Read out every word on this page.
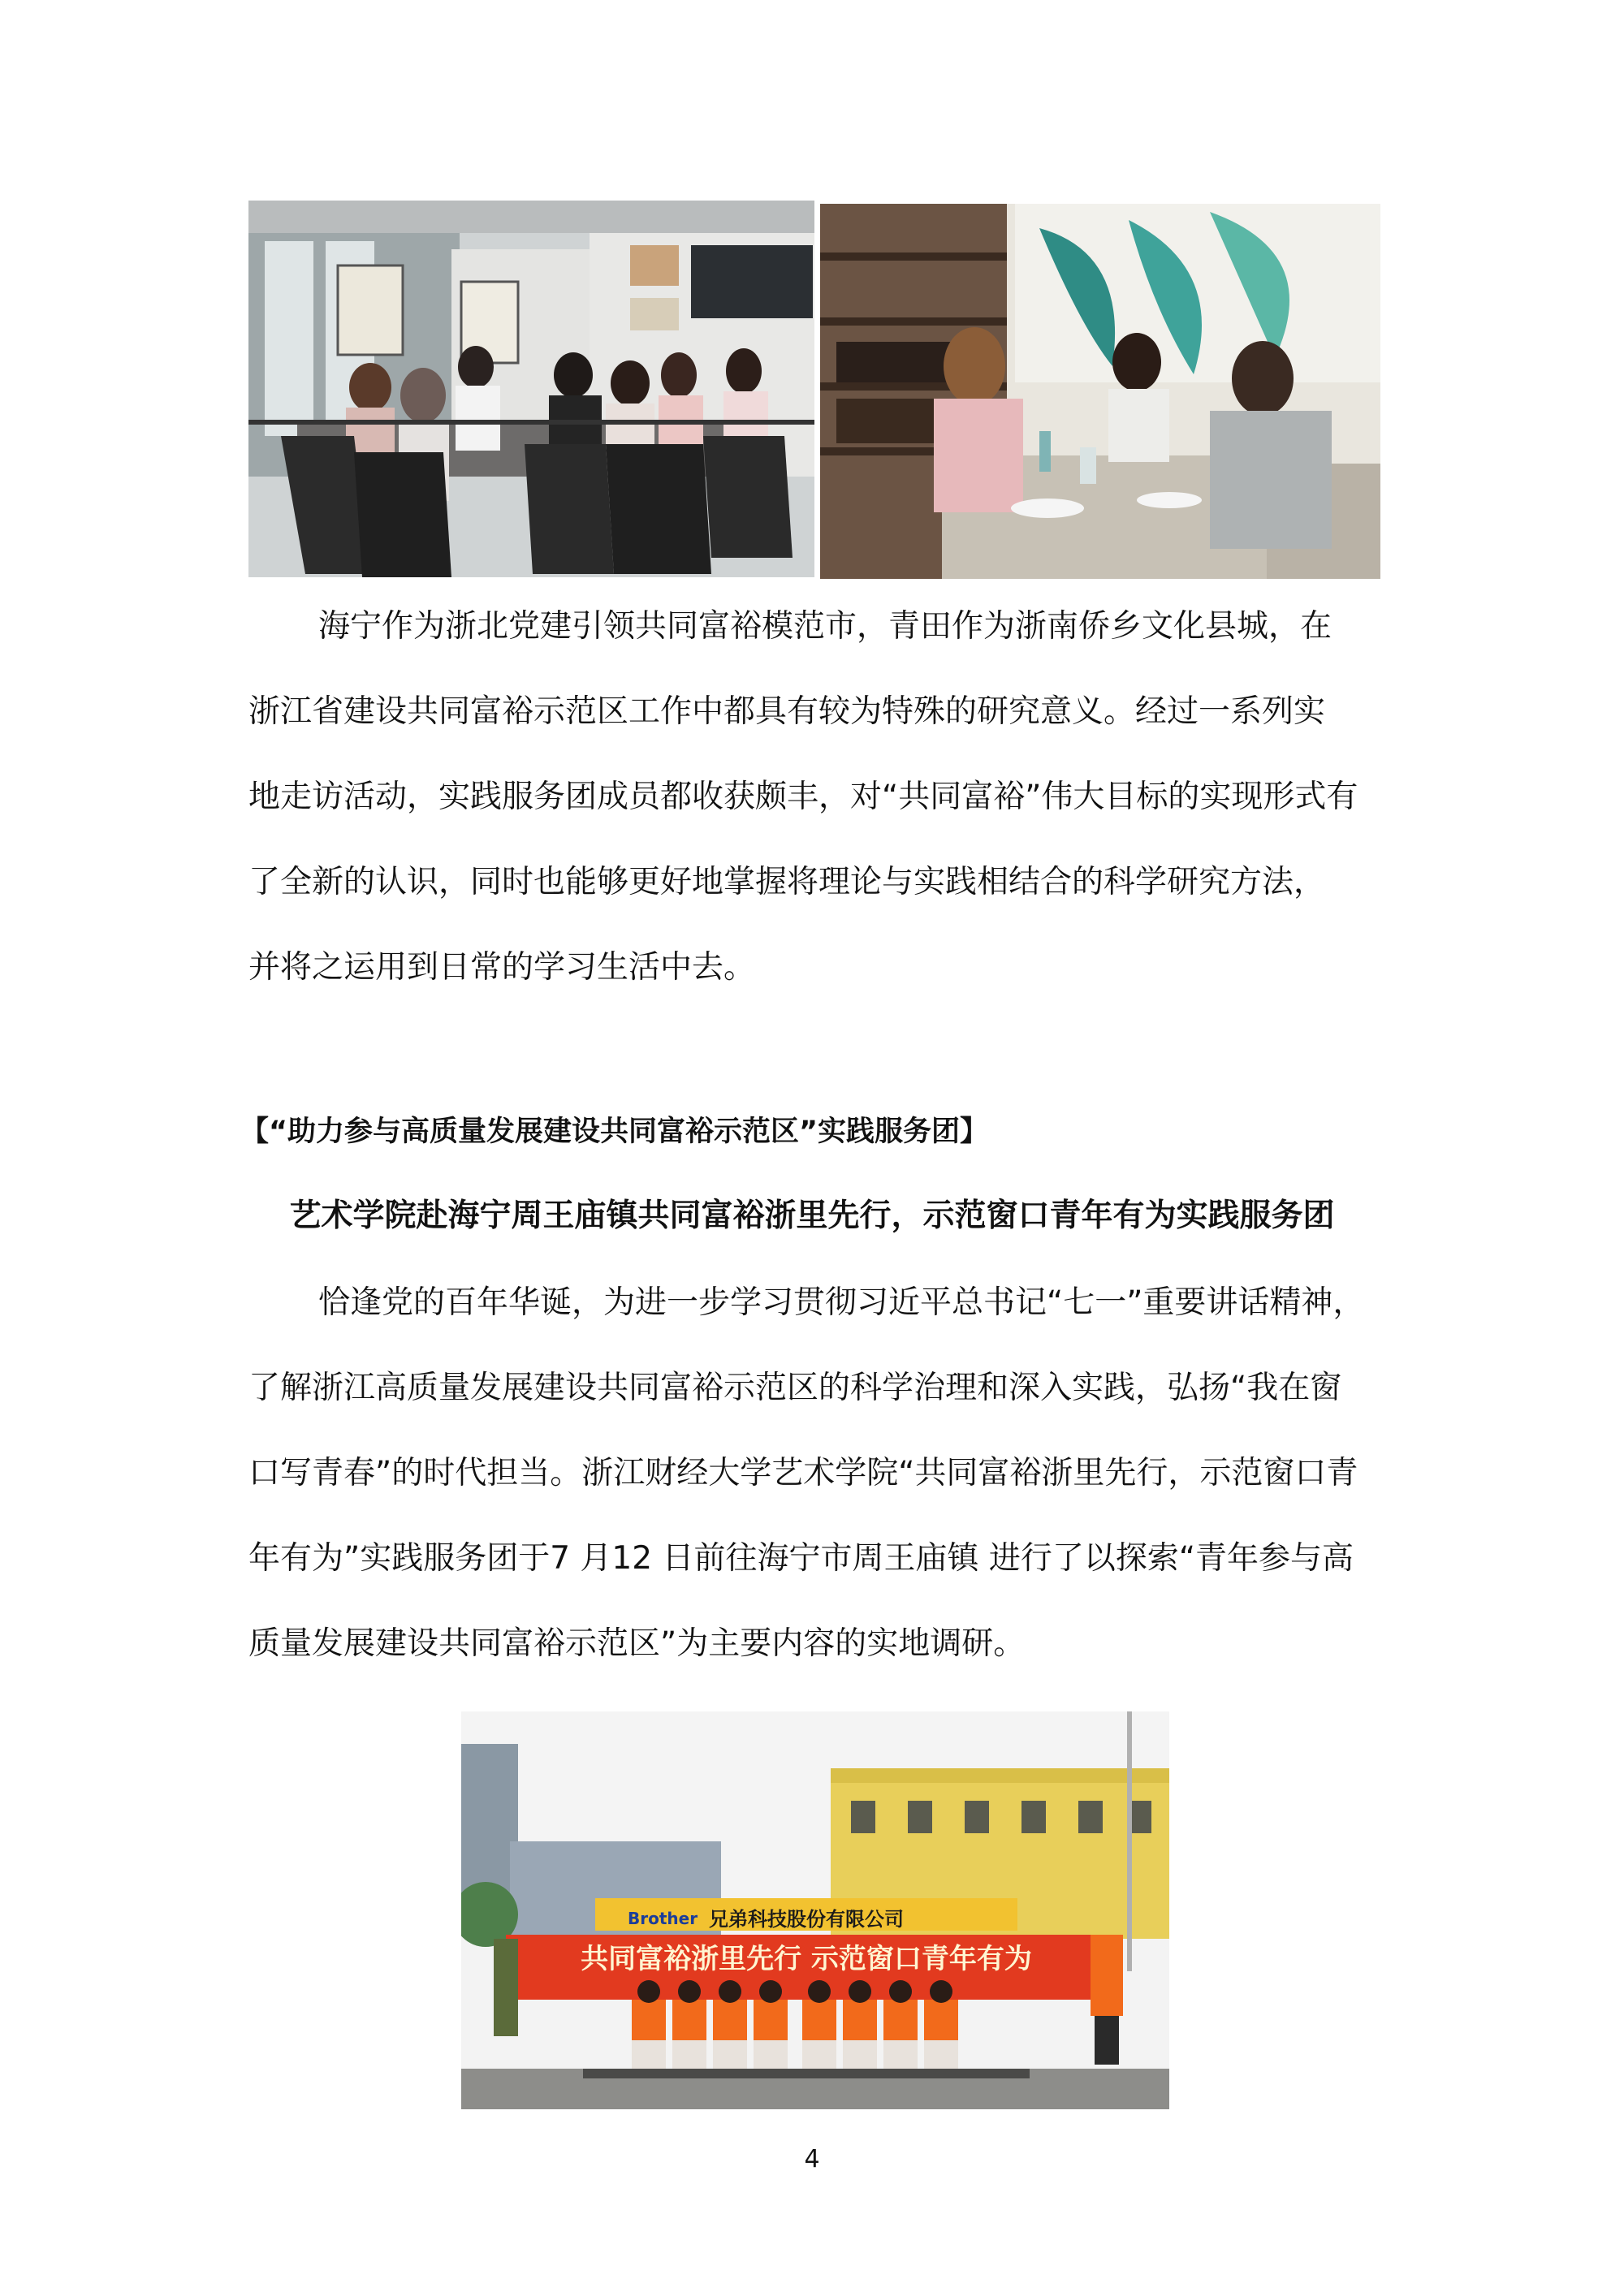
海宁作为浙北党建引领共同富裕模范市，青田作为浙南侨乡文化县城，在
浙江省建设共同富裕示范区工作中都具有较为特殊的研究意义。经过一系列实
地走访活动，实践服务团成员都收获颇丰，对“共同富裕”伟大目标的实现形式有
了全新的认识，同时也能够更好地掌握将理论与实践相结合的科学研究方法，
并将之运用到日常的学习生活中去。
【“助力参与高质量发展建设共同富裕示范区”实践服务团】
艺术学院赴海宁周王庙镇共同富裕浙里先行，示范窗口青年有为实践服务团
恰逢党的百年华诞，为进一步学习贯彻习近平总书记“七一”重要讲话精神，
了解浙江高质量发展建设共同富裕示范区的科学治理和深入实践，弘扬“我在窗
口写青春”的时代担当。浙江财经大学艺术学院“共同富裕浙里先行，示范窗口青
年有为”实践服务团于7 月12 日前往海宁市周王庙镇 进行了以探索“青年参与高
质量发展建设共同富裕示范区”为主要内容的实地调研。
Brother 兄弟科技股份有限公司
共同富裕浙里先行 示范窗口青年有为
4
